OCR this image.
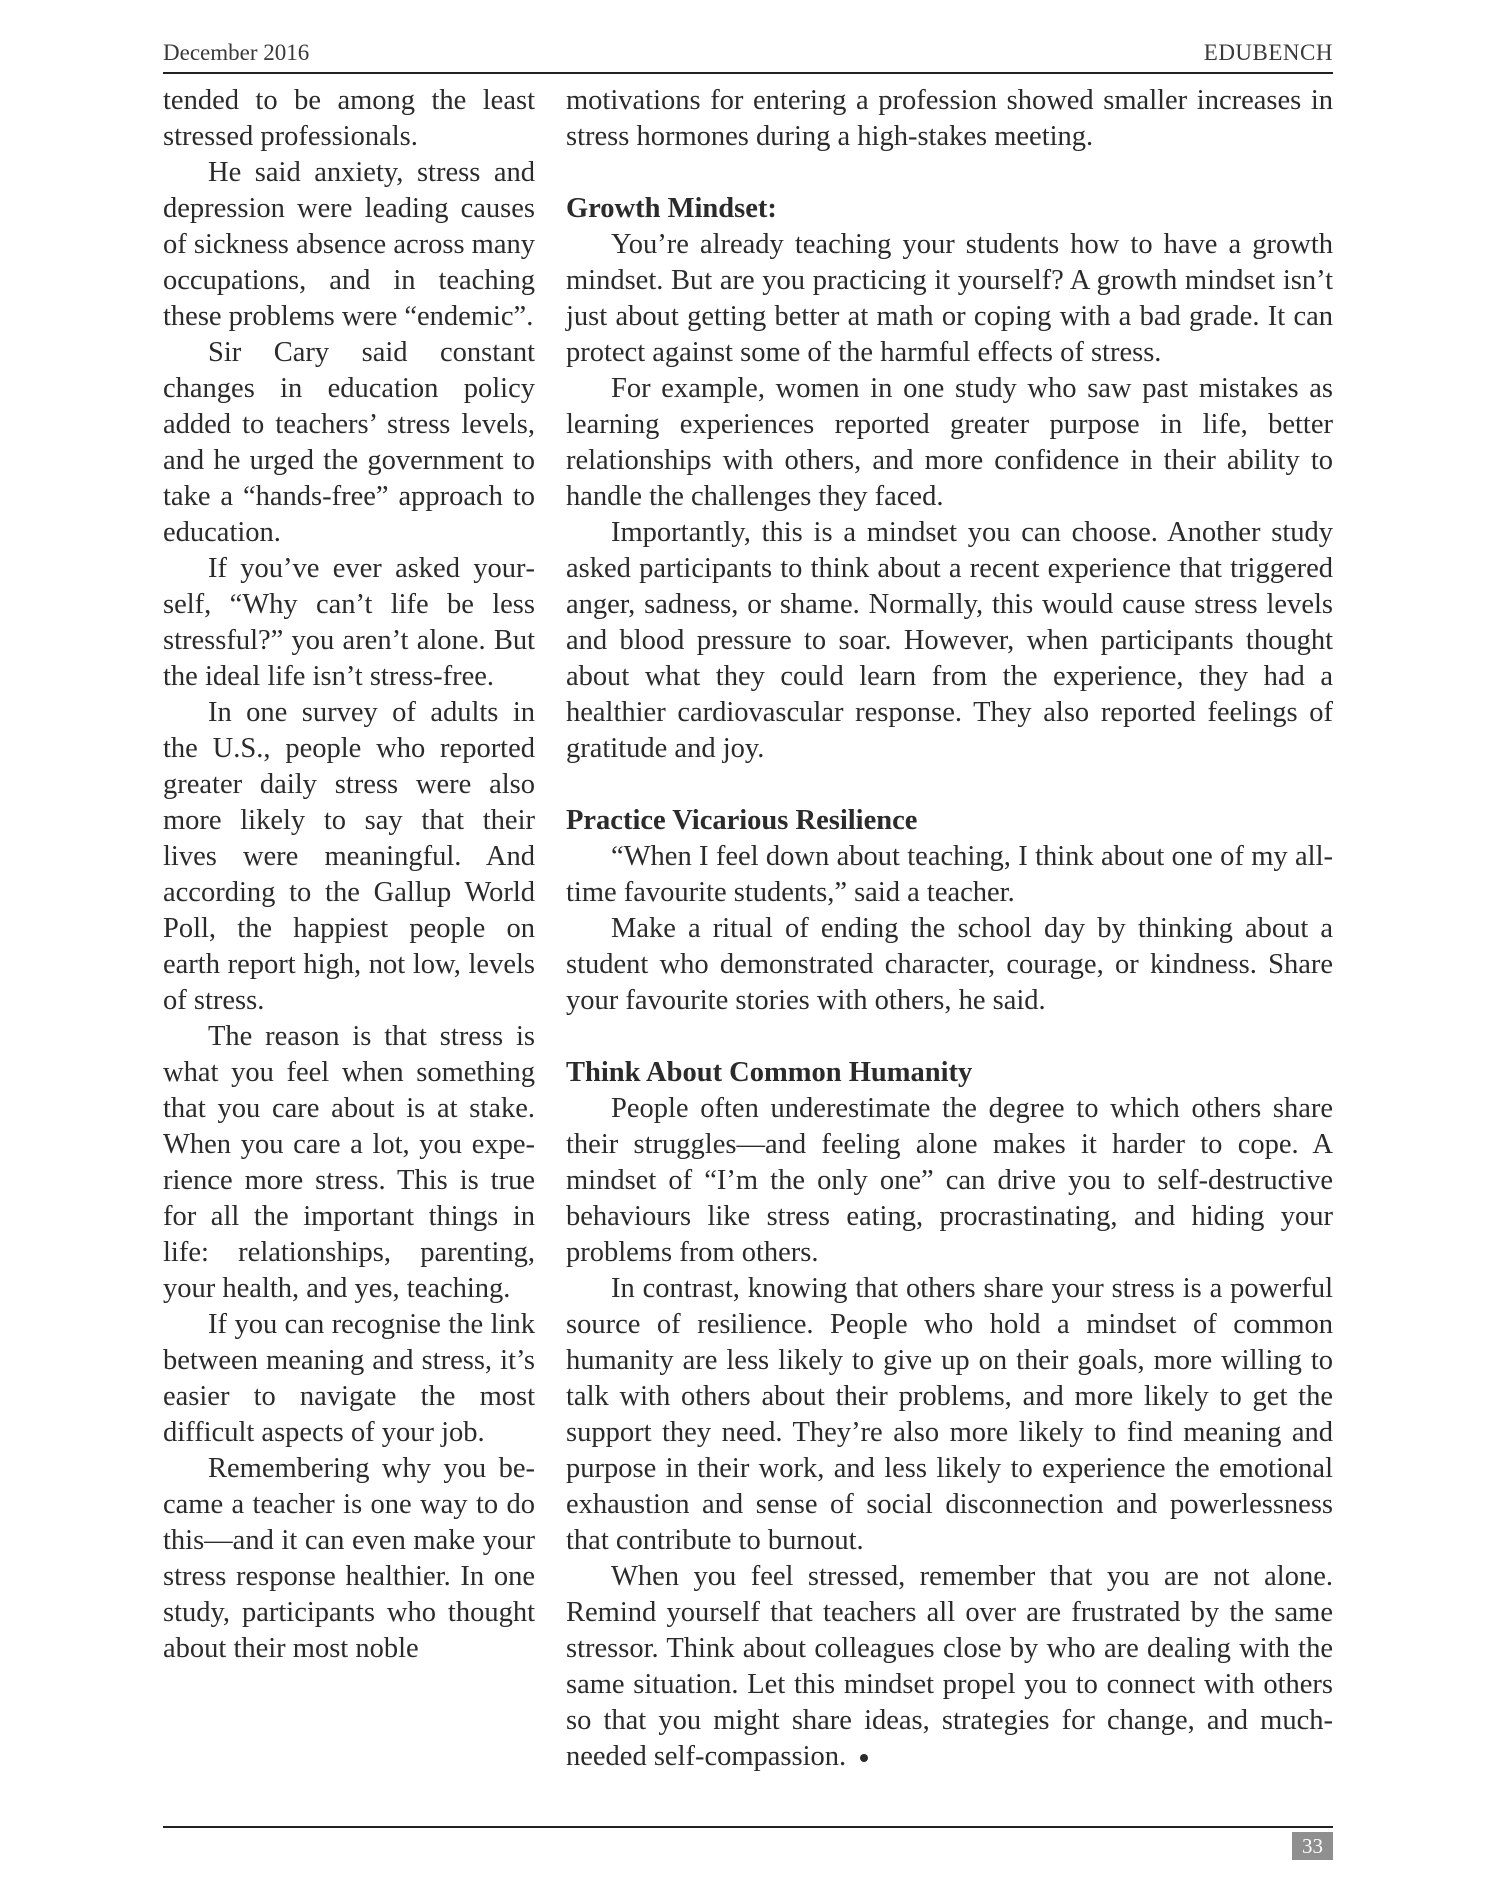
December 2016	EDUBENCH

tended to be among the least stressed professionals.

He said anxiety, stress and depression were leading causes of sickness absence across many occupations, and in teaching these problems were “endemic”.

Sir Cary said constant changes in education policy added to teachers’ stress levels, and he urged the government to take a “hands-free” approach to education.

If you’ve ever asked yourself, “Why can’t life be less stressful?” you aren’t alone. But the ideal life isn’t stress-free.

In one survey of adults in the U.S., people who reported greater daily stress were also more likely to say that their lives were meaningful. And according to the Gallup World Poll, the happiest people on earth report high, not low, levels of stress.

The reason is that stress is what you feel when something that you care about is at stake. When you care a lot, you experience more stress. This is true for all the important things in life: relationships, parenting, your health, and yes, teaching.

If you can recognise the link between meaning and stress, it’s easier to navigate the most difficult aspects of your job.

Remembering why you became a teacher is one way to do this—and it can even make your stress response healthier. In one study, participants who thought about their most noble

motivations for entering a profession showed smaller increases in stress hormones during a high-stakes meeting.

Growth Mindset:

You’re already teaching your students how to have a growth mindset. But are you practicing it yourself? A growth mindset isn’t just about getting better at math or coping with a bad grade. It can protect against some of the harmful effects of stress.

For example, women in one study who saw past mistakes as learning experiences reported greater purpose in life, better relationships with others, and more confidence in their ability to handle the challenges they faced.

Importantly, this is a mindset you can choose. Another study asked participants to think about a recent experience that triggered anger, sadness, or shame. Normally, this would cause stress levels and blood pressure to soar. However, when participants thought about what they could learn from the experience, they had a healthier cardiovascular response. They also reported feelings of gratitude and joy.

Practice Vicarious Resilience

“When I feel down about teaching, I think about one of my all-time favourite students,” said a teacher.

Make a ritual of ending the school day by thinking about a student who demonstrated character, courage, or kindness. Share your favourite stories with others, he said.

Think About Common Humanity

People often underestimate the degree to which others share their struggles—and feeling alone makes it harder to cope. A mindset of “I’m the only one” can drive you to self-destructive behaviours like stress eating, procrastinating, and hiding your problems from others.

In contrast, knowing that others share your stress is a powerful source of resilience. People who hold a mindset of common humanity are less likely to give up on their goals, more willing to talk with others about their problems, and more likely to get the support they need. They’re also more likely to find meaning and purpose in their work, and less likely to experience the emotional exhaustion and sense of social disconnection and powerlessness that contribute to burnout.

When you feel stressed, remember that you are not alone. Remind yourself that teachers all over are frustrated by the same stressor. Think about colleagues close by who are dealing with the same situation. Let this mindset propel you to connect with others so that you might share ideas, strategies for change, and much-needed self-compassion.

33
